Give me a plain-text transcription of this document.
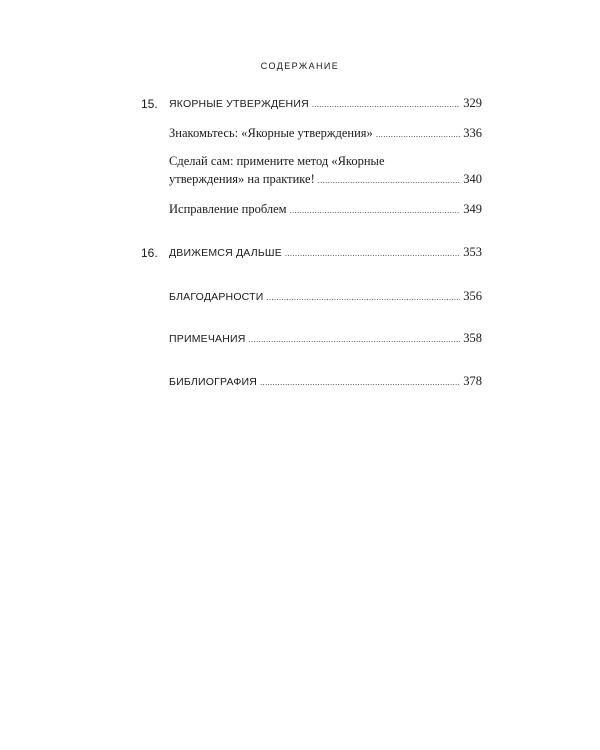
СОДЕРЖАНИЕ
15. ЯКОРНЫЕ УТВЕРЖДЕНИЯ .....	329
Знакомьтесь: «Якорные утверждения» .....	336
Сделай сам: примените метод «Якорные
утверждения» на практике! .....	340
Исправление проблем .....	349
16. ДВИЖЕМСЯ ДАЛЬШЕ .....	353
БЛАГОДАРНОСТИ .....	356
ПРИМЕЧАНИЯ .....	358
БИБЛИОГРАФИЯ .....	378
